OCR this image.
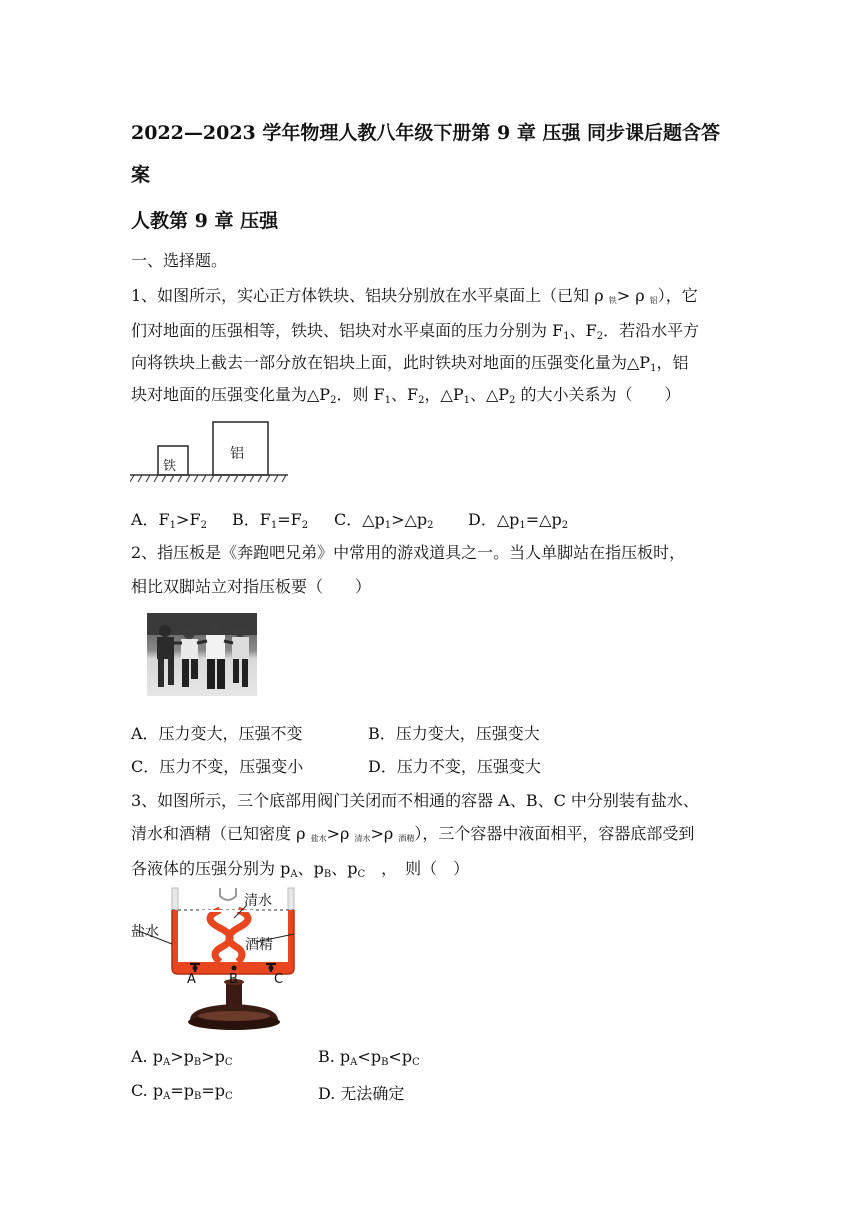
2022—2023 学年物理人教八年级下册第 9 章 压强 同步课后题含答
案
人教第 9 章 压强
一、选择题。
1、如图所示，实心正方体铁块、铝块分别放在水平桌面上（已知 ρ $_铁$> ρ $_铝$），它
们对地面的压强相等，铁块、铝块对水平桌面的压力分别为 $F_1$、$F_2$．若沿水平方
向将铁块上截去一部分放在铝块上面，此时铁块对地面的压强变化量为$\triangle P_1$，铝
块对地面的压强变化量为$\triangle P_2$．则 $F_1$、$F_2$，$\triangle P_1$、$\triangle P_2$ 的大小关系为（　　）
铁
铝
A．$F_1>F_2$ B．$F_1=F_2$ C．$\triangle p_1>\triangle p_2$ D．$\triangle p_1=\triangle p_2$
2、指压板是《奔跑吧兄弟》中常用的游戏道具之一。当人单脚站在指压板时，
相比双脚站立对指压板要（　　）
A．压力变大，压强不变	B．压力变大，压强变大
C．压力不变，压强变小	D．压力不变，压强变大
3、如图所示，三个底部用阀门关闭而不相通的容器 A、B、C 中分别装有盐水、
清水和酒精（已知密度 ρ $_{盐水}$>ρ $_{清水}$>ρ $_{酒精}$），三个容器中液面相平，容器底部受到
各液体的压强分别为 $p_A$、$p_B$、$p_C$　，　则（　）
清水
盐水
酒精
A	B	C
A. $p_A>p_B>p_C$	B. $p_A<p_B<p_C$
C. $p_A=p_B=p_C$	D. 无法确定
